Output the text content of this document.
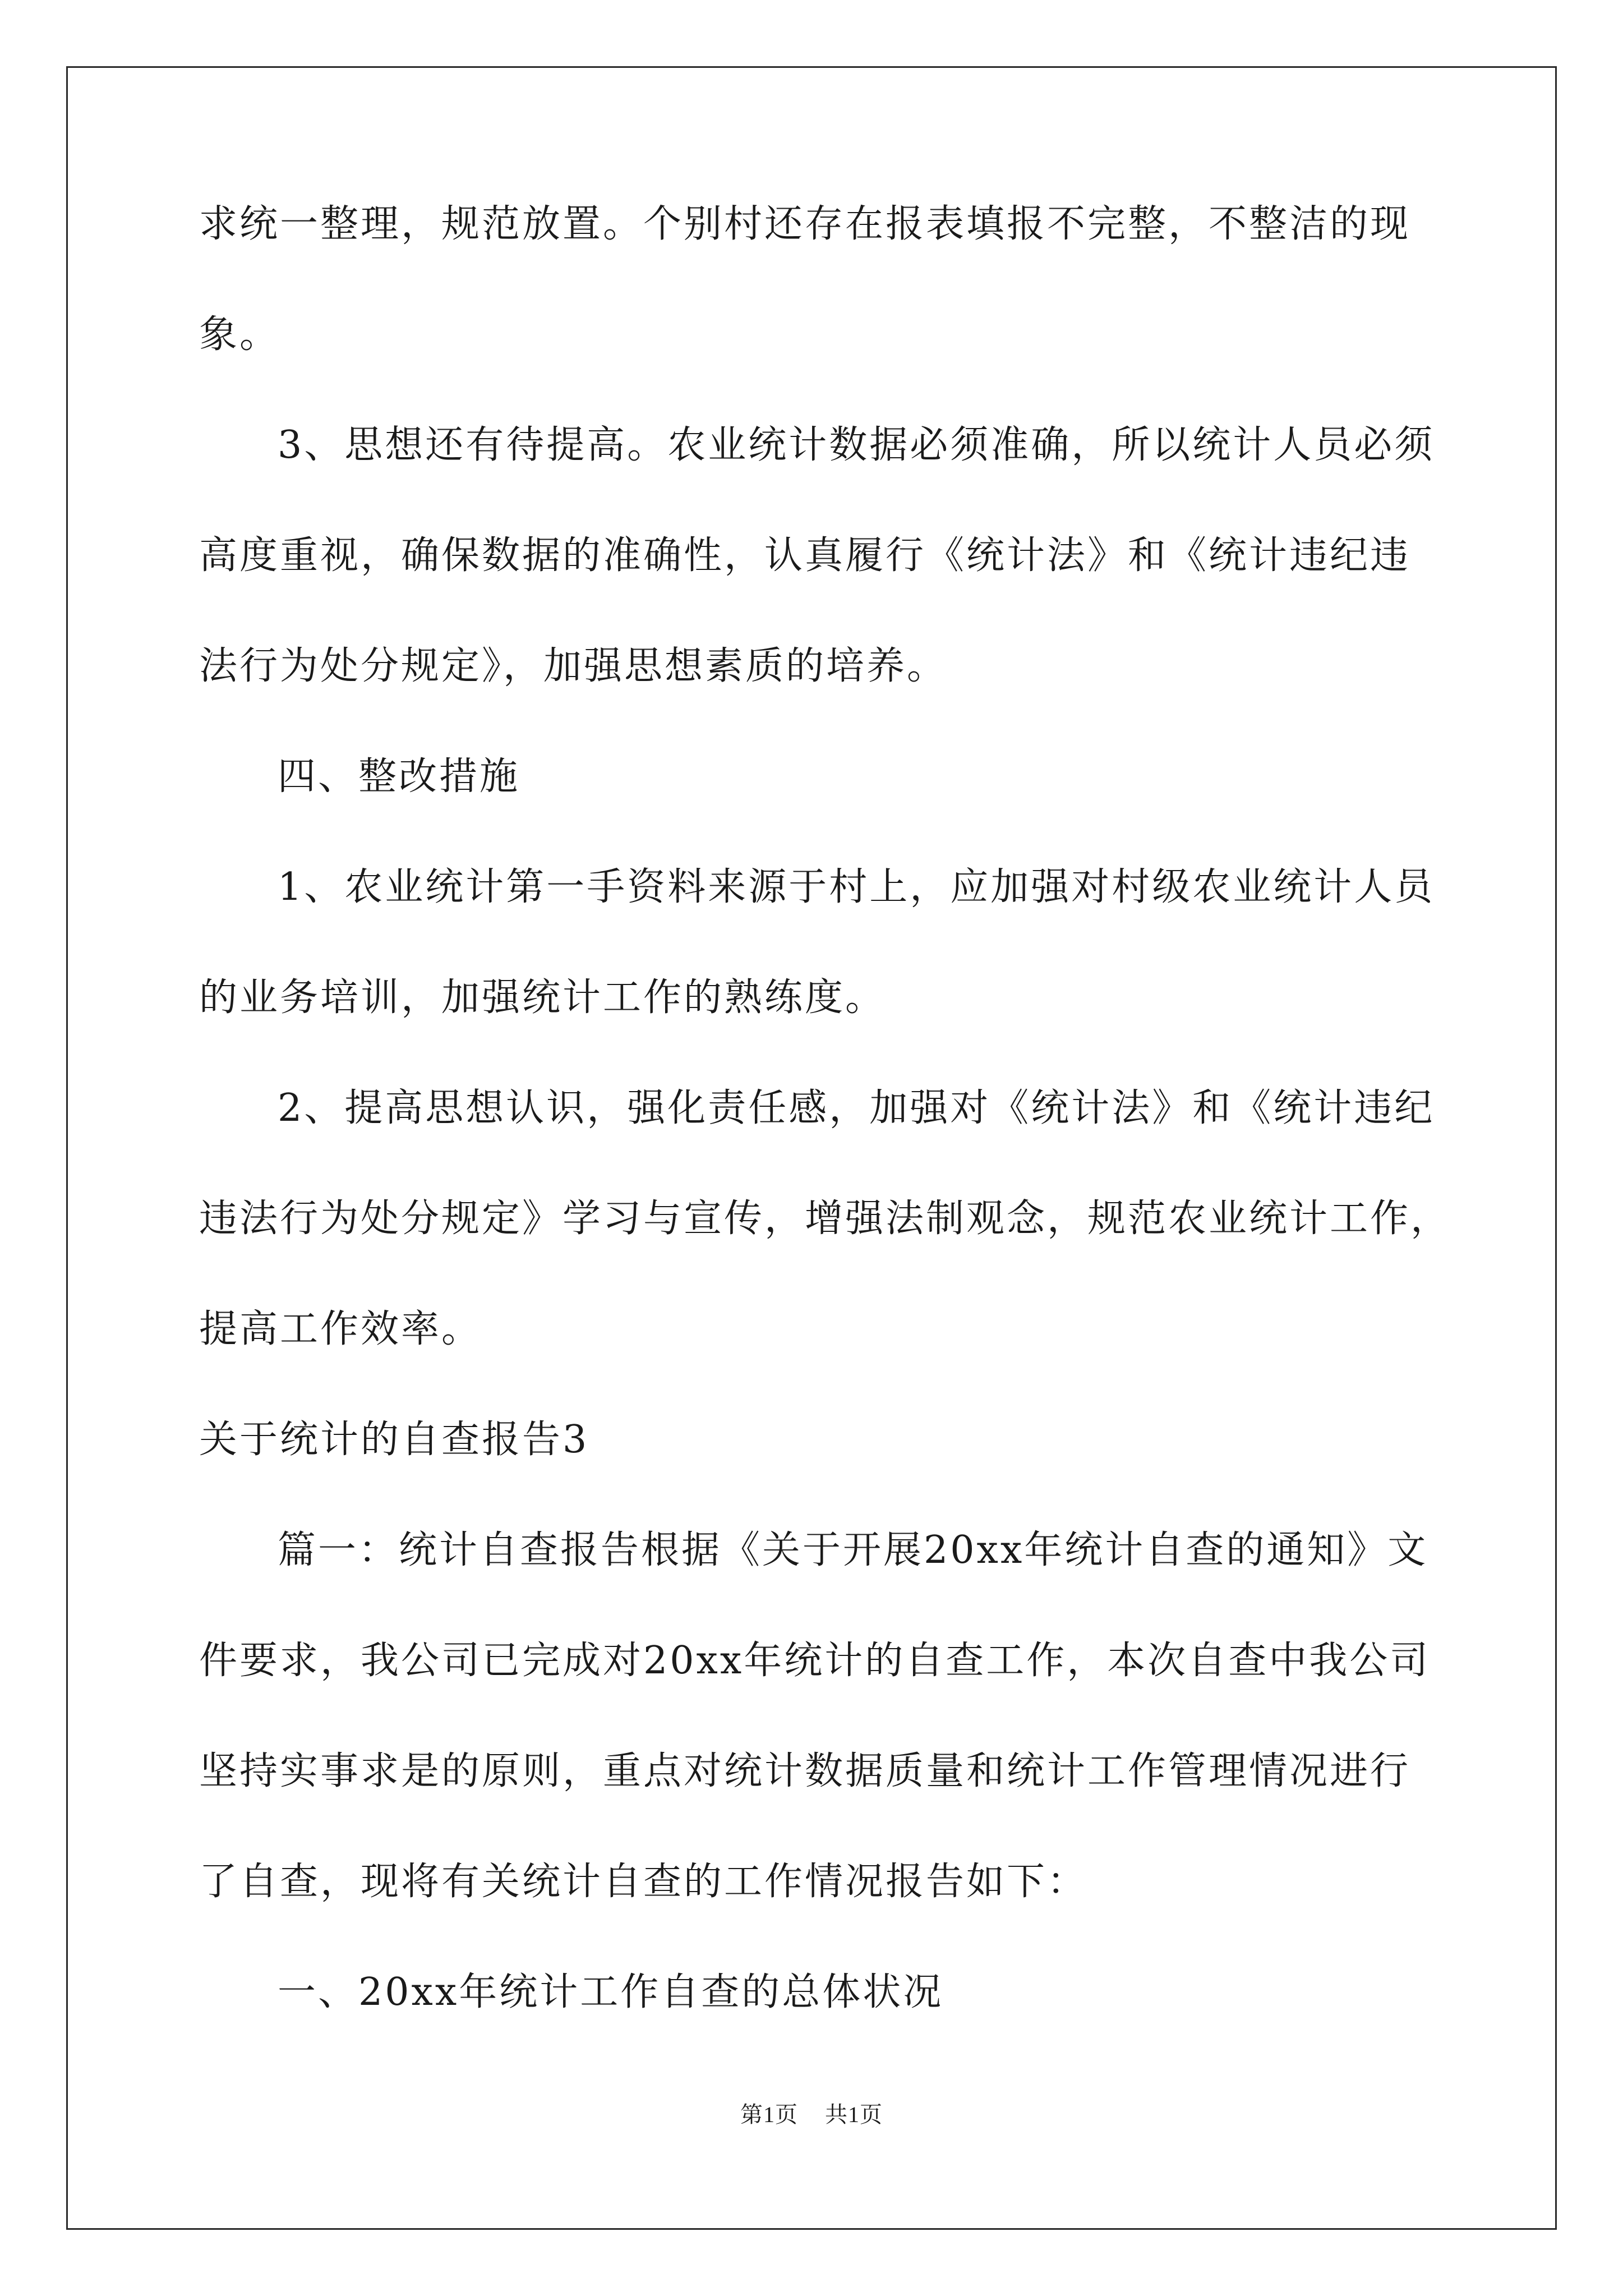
求统一整理，规范放置。个别村还存在报表填报不完整，不整洁的现

象。

3、思想还有待提高。农业统计数据必须准确，所以统计人员必须

高度重视，确保数据的准确性，认真履行《统计法》和《统计违纪违

法行为处分规定》，加强思想素质的培养。

四、整改措施

1、农业统计第一手资料来源于村上，应加强对村级农业统计人员

的业务培训，加强统计工作的熟练度。

2、提高思想认识，强化责任感，加强对《统计法》和《统计违纪

违法行为处分规定》学习与宣传，增强法制观念，规范农业统计工作，

提高工作效率。

关于统计的自查报告3

篇一：统计自查报告根据《关于开展20xx年统计自查的通知》文

件要求，我公司已完成对20xx年统计的自查工作，本次自查中我公司

坚持实事求是的原则，重点对统计数据质量和统计工作管理情况进行

了自查，现将有关统计自查的工作情况报告如下：

一、20xx年统计工作自查的总体状况

第1页 共1页
